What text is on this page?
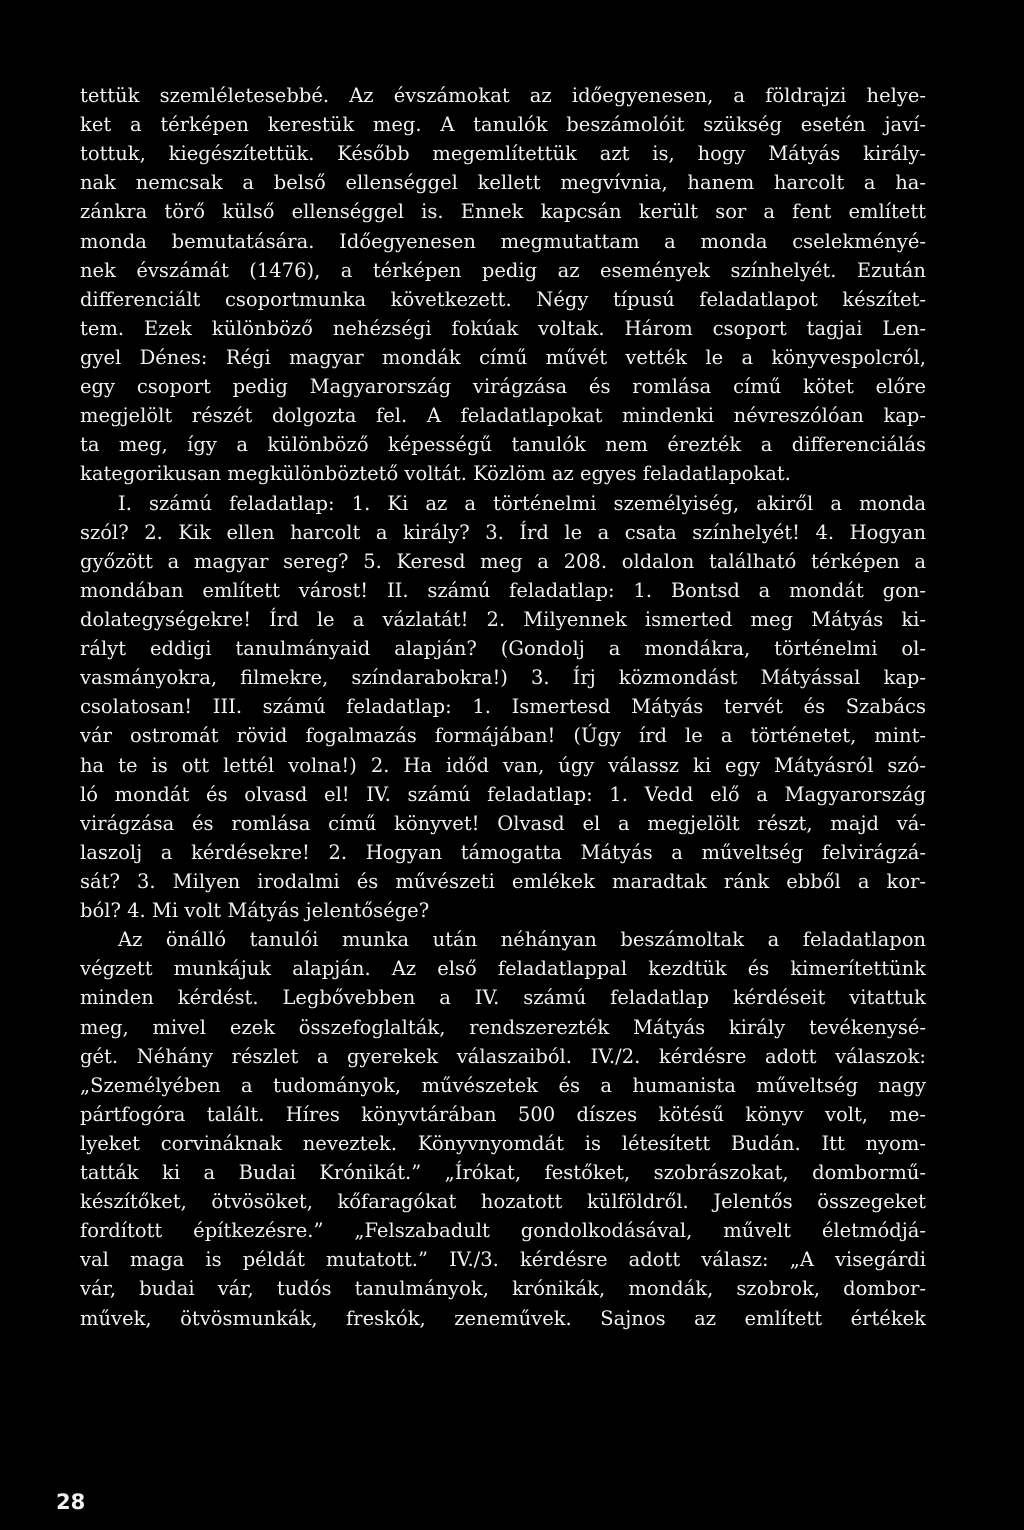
tettük szemléletesebbé. Az évszámokat az időegyenesen, a földrajzi helye-
ket a térképen kerestük meg. A tanulók beszámolóit szükség esetén javí-
tottuk, kiegészítettük. Később megemlítettük azt is, hogy Mátyás király-
nak nemcsak a belső ellenséggel kellett megvívnia, hanem harcolt a ha-
zánkra törő külső ellenséggel is. Ennek kapcsán került sor a fent említett
monda bemutatására. Időegyenesen megmutattam a monda cselekményé-
nek évszámát (1476), a térképen pedig az események színhelyét. Ezután
differenciált csoportmunka következett. Négy típusú feladatlapot készítet-
tem. Ezek különböző nehézségi fokúak voltak. Három csoport tagjai Len-
gyel Dénes: Régi magyar mondák című művét vették le a könyvespolcról,
egy csoport pedig Magyarország virágzása és romlása című kötet előre
megjelölt részét dolgozta fel. A feladatlapokat mindenki névreszólóan kap-
ta meg, így a különböző képességű tanulók nem érezték a differenciálás
kategorikusan megkülönböztető voltát. Közlöm az egyes feladatlapokat.
I. számú feladatlap: 1. Ki az a történelmi személyiség, akiről a monda
szól? 2. Kik ellen harcolt a király? 3. Írd le a csata színhelyét! 4. Hogyan
győzött a magyar sereg? 5. Keresd meg a 208. oldalon található térképen a
mondában említett várost! II. számú feladatlap: 1. Bontsd a mondát gon-
dolategységekre! Írd le a vázlatát! 2. Milyennek ismerted meg Mátyás ki-
rályt eddigi tanulmányaid alapján? (Gondolj a mondákra, történelmi ol-
vasmányokra, filmekre, színdarabokra!) 3. Írj közmondást Mátyással kap-
csolatosan! III. számú feladatlap: 1. Ismertesd Mátyás tervét és Szabács
vár ostromát rövid fogalmazás formájában! (Úgy írd le a történetet, mint-
ha te is ott lettél volna!) 2. Ha időd van, úgy válassz ki egy Mátyásról szó-
ló mondát és olvasd el! IV. számú feladatlap: 1. Vedd elő a Magyarország
virágzása és romlása című könyvet! Olvasd el a megjelölt részt, majd vá-
laszolj a kérdésekre! 2. Hogyan támogatta Mátyás a műveltség felvirágzá-
sát? 3. Milyen irodalmi és művészeti emlékek maradtak ránk ebből a kor-
ból? 4. Mi volt Mátyás jelentősége?
Az önálló tanulói munka után néhányan beszámoltak a feladatlapon
végzett munkájuk alapján. Az első feladatlappal kezdtük és kimerítettünk
minden kérdést. Legbővebben a IV. számú feladatlap kérdéseit vitattuk
meg, mivel ezek összefoglalták, rendszerezték Mátyás király tevékenysé-
gét. Néhány részlet a gyerekek válaszaiból. IV./2. kérdésre adott válaszok:
„Személyében a tudományok, művészetek és a humanista műveltség nagy
pártfogóra talált. Híres könyvtárában 500 díszes kötésű könyv volt, me-
lyeket corvináknak neveztek. Könyvnyomdát is létesített Budán. Itt nyom-
tatták ki a Budai Krónikát.” „Írókat, festőket, szobrászokat, dombormű-
készítőket, ötvösöket, kőfaragókat hozatott külföldről. Jelentős összegeket
fordított építkezésre.” „Felszabadult gondolkodásával, művelt életmódjá-
val maga is példát mutatott.” IV./3. kérdésre adott válasz: „A visegárdi
vár, budai vár, tudós tanulmányok, krónikák, mondák, szobrok, dombor-
művek, ötvösmunkák, freskók, zeneművek. Sajnos az említett értékek
28
